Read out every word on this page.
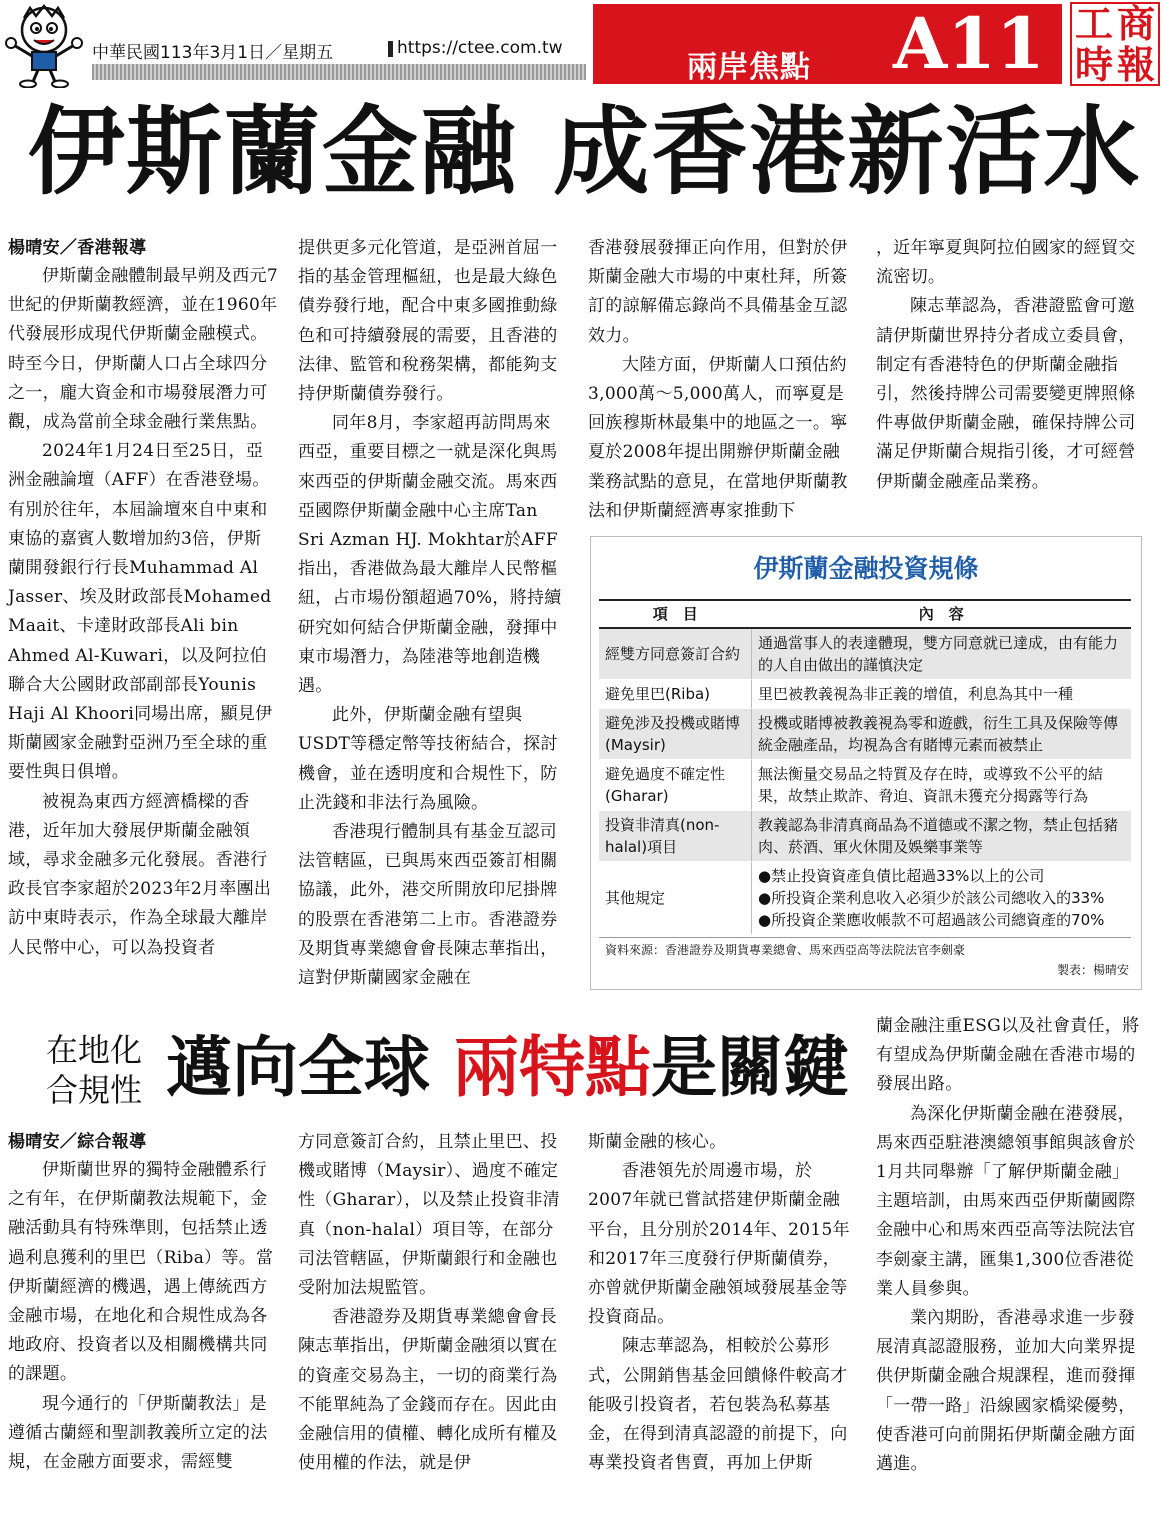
中華民國113年3月1日／星期五	https://ctee.com.tw
兩岸焦點 A11 工 商
時 報
伊斯蘭金融 成香港新活水

楊晴安／香港報導

伊斯蘭金融體制最早朔及西元7世紀的伊斯蘭教經濟，並在1960年代發展形成現代伊斯蘭金融模式。時至今日，伊斯蘭人口占全球四分之一，龐大資金和市場發展潛力可觀，成為當前全球金融行業焦點。

2024年1月24日至25日，亞洲金融論壇（AFF）在香港登場。有別於往年，本屆論壇來自中東和東協的嘉賓人數增加約3倍，伊斯蘭開發銀行行長Muhammad Al Jasser、埃及財政部長Mohamed Maait、卡達財政部長Ali bin Ahmed Al-Kuwari，以及阿拉伯聯合大公國財政部副部長Younis Haji Al Khoori同場出席，顯見伊斯蘭國家金融對亞洲乃至全球的重要性與日俱增。

被視為東西方經濟橋樑的香港，近年加大發展伊斯蘭金融領域，尋求金融多元化發展。香港行政長官李家超於2023年2月率團出訪中東時表示，作為全球最大離岸人民幣中心，可以為投資者

提供更多元化管道，是亞洲首屈一指的基金管理樞紐，也是最大綠色債券發行地，配合中東多國推動綠色和可持續發展的需要，且香港的法律、監管和稅務架構，都能夠支持伊斯蘭債券發行。

同年8月，李家超再訪問馬來西亞，重要目標之一就是深化與馬來西亞的伊斯蘭金融交流。馬來西亞國際伊斯蘭金融中心主席Tan Sri Azman HJ. Mokhtar於AFF指出，香港做為最大離岸人民幣樞紐，占市場份額超過70%，將持續研究如何結合伊斯蘭金融，發揮中東市場潛力，為陸港等地創造機遇。

此外，伊斯蘭金融有望與USDT等穩定幣等技術結合，探討機會，並在透明度和合規性下，防止洗錢和非法行為風險。

香港現行體制具有基金互認司法管轄區，已與馬來西亞簽訂相關協議，此外，港交所開放印尼掛牌的股票在香港第二上市。香港證券及期貨專業總會會長陳志華指出，這對伊斯蘭國家金融在

香港發展發揮正向作用，但對於伊斯蘭金融大市場的中東杜拜，所簽訂的諒解備忘錄尚不具備基金互認效力。

大陸方面，伊斯蘭人口預估約3,000萬～5,000萬人，而寧夏是回族穆斯林最集中的地區之一。寧夏於2008年提出開辦伊斯蘭金融業務試點的意見，在當地伊斯蘭教法和伊斯蘭經濟專家推動下

，近年寧夏與阿拉伯國家的經貿交流密切。

陳志華認為，香港證監會可邀請伊斯蘭世界持分者成立委員會，制定有香港特色的伊斯蘭金融指引，然後持牌公司需要變更牌照條件專做伊斯蘭金融，確保持牌公司滿足伊斯蘭合規指引後，才可經營伊斯蘭金融產品業務。

伊斯蘭金融投資規條
項　目	內　容
經雙方同意簽訂合約	通過當事人的表達體現，雙方同意就已達成，由有能力的人自由做出的謹慎決定
避免里巴(Riba)	里巴被教義視為非正義的增值，利息為其中一種
避免涉及投機或賭博(Maysir)	投機或賭博被教義視為零和遊戲，衍生工具及保險等傳統金融產品，均視為含有賭博元素而被禁止
避免過度不確定性(Gharar)	無法衡量交易品之特質及存在時，或導致不公平的結果，故禁止欺詐、脅迫、資訊未獲充分揭露等行為
投資非清真(non-halal)項目	教義認為非清真商品為不道德或不潔之物，禁止包括豬肉、菸酒、軍火休閒及娛樂事業等
其他規定	●禁止投資資產負債比超過33%以上的公司
●所投資企業利息收入必須少於該公司總收入的33%
●所投資企業應收帳款不可超過該公司總資產的70%
資料來源：香港證券及期貨專業總會、馬來西亞高等法院法官李劍豪
製表：楊晴安
在地化
合規性 邁向全球 兩特點是關鍵

楊晴安／綜合報導

伊斯蘭世界的獨特金融體系行之有年，在伊斯蘭教法規範下，金融活動具有特殊準則，包括禁止透過利息獲利的里巴（Riba）等。當伊斯蘭經濟的機遇，遇上傳統西方金融市場，在地化和合規性成為各地政府、投資者以及相關機構共同的課題。

現今通行的「伊斯蘭教法」是遵循古蘭經和聖訓教義所立定的法規，在金融方面要求，需經雙

方同意簽訂合約，且禁止里巴、投機或賭博（Maysir）、過度不確定性（Gharar），以及禁止投資非清真（non-halal）項目等，在部分司法管轄區，伊斯蘭銀行和金融也受附加法規監管。

香港證券及期貨專業總會會長陳志華指出，伊斯蘭金融須以實在的資產交易為主，一切的商業行為不能單純為了金錢而存在。因此由金融信用的債權、轉化成所有權及使用權的作法，就是伊

斯蘭金融的核心。

香港領先於周邊市場，於2007年就已嘗試搭建伊斯蘭金融平台，且分別於2014年、2015年和2017年三度發行伊斯蘭債券，亦曾就伊斯蘭金融領域發展基金等投資商品。

陳志華認為，相較於公募形式，公開銷售基金回饋條件較高才能吸引投資者，若包裝為私募基金，在得到清真認證的前提下，向專業投資者售賣，再加上伊斯

蘭金融注重ESG以及社會責任，將有望成為伊斯蘭金融在香港市場的發展出路。

為深化伊斯蘭金融在港發展，馬來西亞駐港澳總領事館與該會於1月共同舉辦「了解伊斯蘭金融」主題培訓，由馬來西亞伊斯蘭國際金融中心和馬來西亞高等法院法官李劍豪主講，匯集1,300位香港從業人員參與。

業內期盼，香港尋求進一步發展清真認證服務，並加大向業界提供伊斯蘭金融合規課程，進而發揮「一帶一路」沿線國家橋梁優勢，使香港可向前開拓伊斯蘭金融方面邁進。
